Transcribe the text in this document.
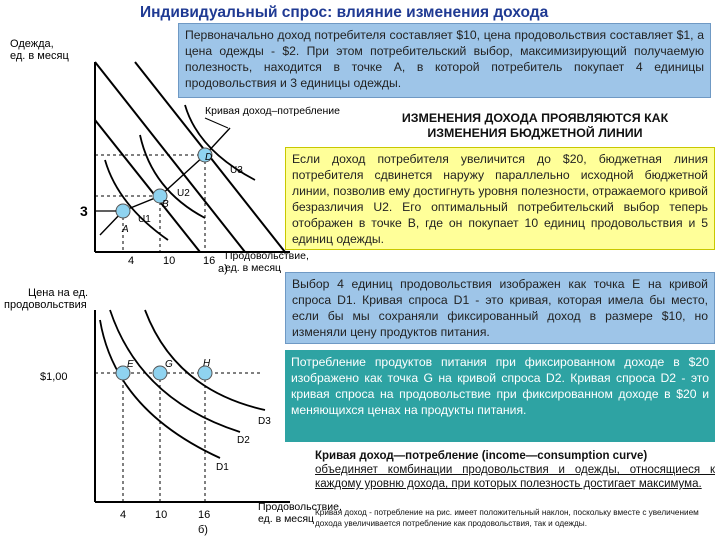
Индивидуальный спрос: влияние изменения дохода
Одежда,
ед. в месяц
Кривая доход–потребление
A
B
D
U1
U2
U3
3
4	10	16 Продовольствие,
ед. в месяц
а)
Цена на ед.
продовольствия
$1,00
E	G	H
D1
D2
D3
4	10	16
Продовольствие,
ед. в месяц
б)
Первоначально доход потребителя составляет $10, цена продовольствия составляет $1, а цена одежды - $2. При этом потребительский выбор, максимизирующий получаемую полезность, находится в точке А, в которой потребитель покупает 4 единицы продовольствия и 3 единицы одежды.
ИЗМЕНЕНИЯ ДОХОДА ПРОЯВЛЯЮТСЯ КАК
ИЗМЕНЕНИЯ БЮДЖЕТНОЙ ЛИНИИ
Если доход потребителя увеличится до $20, бюджетная линия потребителя сдвинется наружу параллельно исходной бюджетной линии, позволив ему достигнуть уровня полезности, отражаемого кривой безразличия U2. Его оптимальный потребительский выбор теперь отображен в точке B, где он покупает 10 единиц продовольствия и 5 единиц одежды.
Выбор 4 единиц продовольствия изображен как точка E на кривой спроса D1. Кривая спроса D1 - это кривая, которая имела бы место, если бы мы сохраняли фиксированный доход в размере $10, но изменяли цену продуктов питания.
Потребление продуктов питания при фиксированном доходе в $20 изображено как точка G на кривой спроса D2. Кривая спроса D2 - это кривая спроса на продовольствие при фиксированном доходе в $20 и меняющихся ценах на продукты питания.
Кривая доход—потребление (income—consumption curve)
объединяет комбинации продовольствия и одежды, относящиеся к каждому уровню дохода, при которых полезность достигает максимума.
Кривая доход - потребление на рис. имеет положительный наклон, поскольку вместе с увеличением дохода увеличивается потребление как продовольствия, так и одежды.
